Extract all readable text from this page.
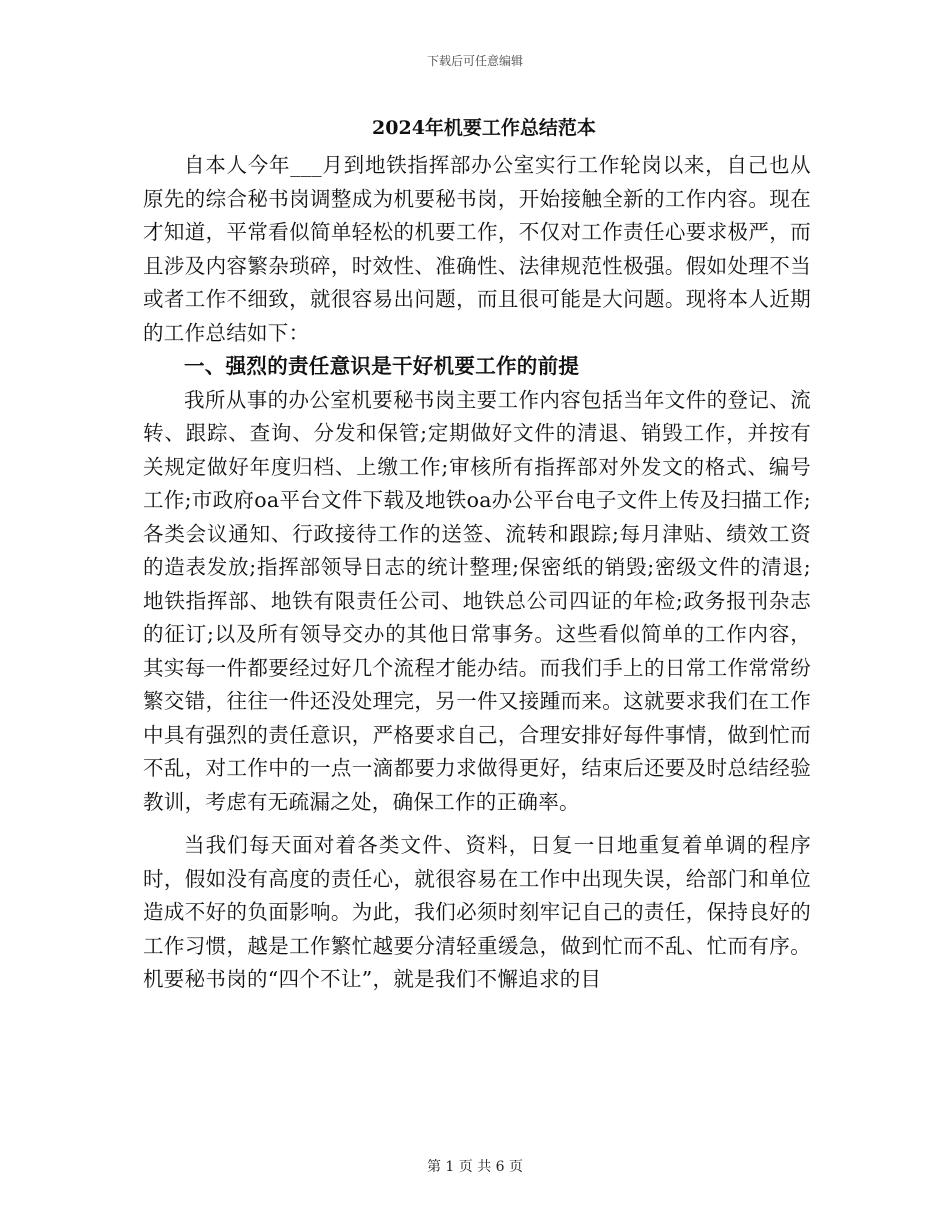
下载后可任意编辑
2024年机要工作总结范本

自本人今年___月到地铁指挥部办公室实行工作轮岗以来，自己也从原先的综合秘书岗调整成为机要秘书岗，开始接触全新的工作内容。现在才知道，平常看似简单轻松的机要工作，不仅对工作责任心要求极严，而且涉及内容繁杂琐碎，时效性、准确性、法律规范性极强。假如处理不当或者工作不细致，就很容易出问题，而且很可能是大问题。现将本人近期的工作总结如下：

一、强烈的责任意识是干好机要工作的前提

我所从事的办公室机要秘书岗主要工作内容包括当年文件的登记、流转、跟踪、查询、分发和保管;定期做好文件的清退、销毁工作，并按有关规定做好年度归档、上缴工作;审核所有指挥部对外发文的格式、编号工作;市政府oa平台文件下载及地铁oa办公平台电子文件上传及扫描工作;各类会议通知、行政接待工作的送签、流转和跟踪;每月津贴、绩效工资的造表发放;指挥部领导日志的统计整理;保密纸的销毁;密级文件的清退;地铁指挥部、地铁有限责任公司、地铁总公司四证的年检;政务报刊杂志的征订;以及所有领导交办的其他日常事务。这些看似简单的工作内容，其实每一件都要经过好几个流程才能办结。而我们手上的日常工作常常纷繁交错，往往一件还没处理完，另一件又接踵而来。这就要求我们在工作中具有强烈的责任意识，严格要求自己，合理安排好每件事情，做到忙而不乱，对工作中的一点一滴都要力求做得更好，结束后还要及时总结经验教训，考虑有无疏漏之处，确保工作的正确率。

当我们每天面对着各类文件、资料，日复一日地重复着单调的程序时，假如没有高度的责任心，就很容易在工作中出现失误，给部门和单位造成不好的负面影响。为此，我们必须时刻牢记自己的责任，保持良好的工作习惯，越是工作繁忙越要分清轻重缓急，做到忙而不乱、忙而有序。机要秘书岗的“四个不让”，就是我们不懈追求的目

第 1 页 共 6 页
